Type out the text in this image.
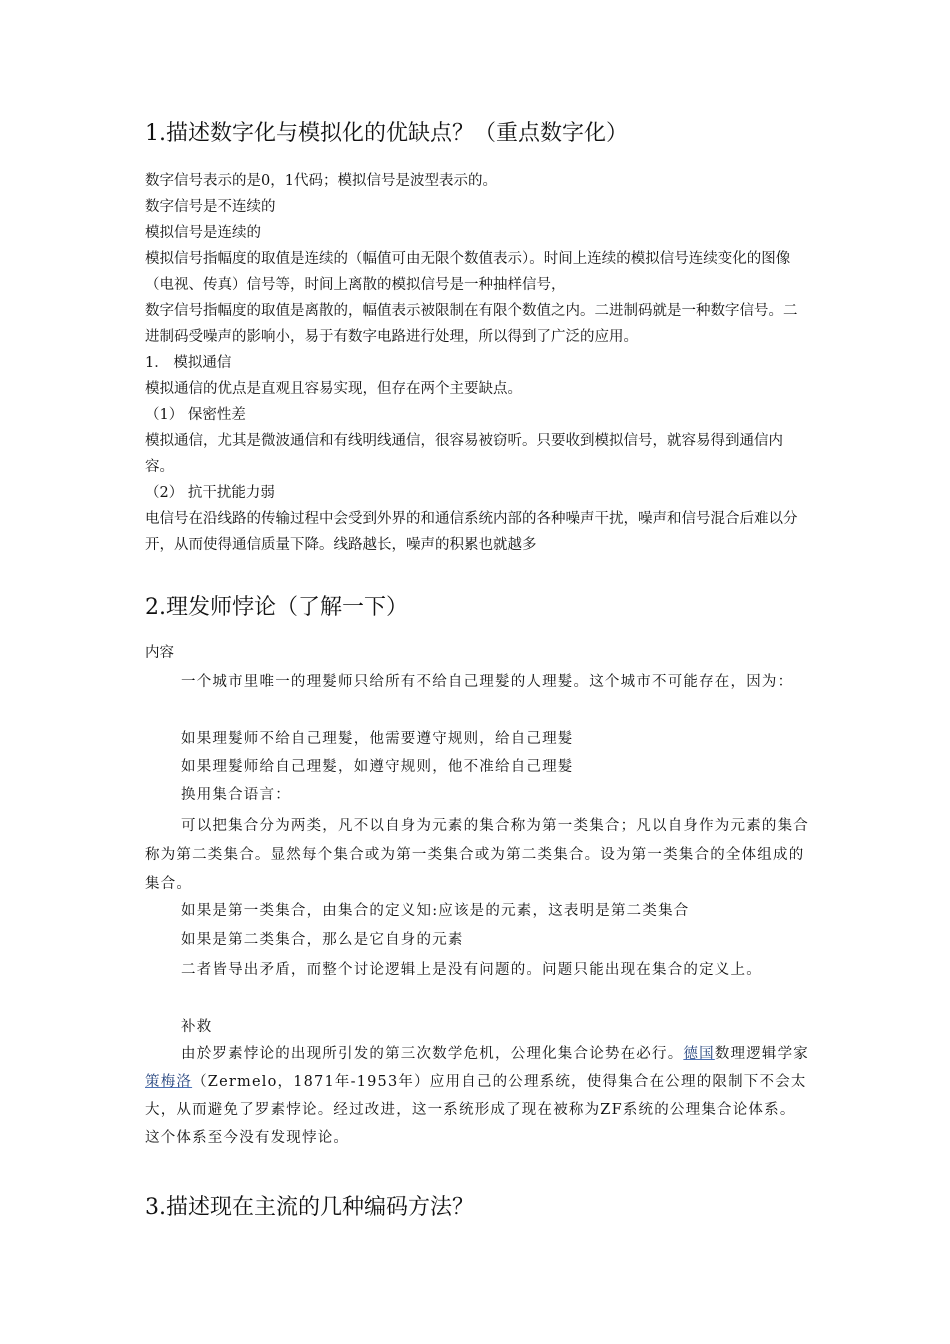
1.描述数字化与模拟化的优缺点？（重点数字化）

数字信号表示的是0，1代码；模拟信号是波型表示的。

数字信号是不连续的

模拟信号是连续的

模拟信号指幅度的取值是连续的（幅值可由无限个数值表示）。时间上连续的模拟信号连续变化的图像（电视、传真）信号等，时间上离散的模拟信号是一种抽样信号，

数字信号指幅度的取值是离散的，幅值表示被限制在有限个数值之内。二进制码就是一种数字信号。二进制码受噪声的影响小，易于有数字电路进行处理，所以得到了广泛的应用。

1． 模拟通信

模拟通信的优点是直观且容易实现，但存在两个主要缺点。

（1） 保密性差

模拟通信，尤其是微波通信和有线明线通信，很容易被窃听。只要收到模拟信号，就容易得到通信内容。

（2） 抗干扰能力弱

电信号在沿线路的传输过程中会受到外界的和通信系统内部的各种噪声干扰，噪声和信号混合后难以分开，从而使得通信质量下降。线路越长，噪声的积累也就越多

2.理发师悖论（了解一下）

内容

一个城市里唯一的理髮师只给所有不给自己理髮的人理髮。这个城市不可能存在，因为：

如果理髮师不给自己理髮，他需要遵守规则，给自己理髮

如果理髮师给自己理髮，如遵守规则，他不准给自己理髮

换用集合语言：

可以把集合分为两类，凡不以自身为元素的集合称为第一类集合；凡以自身作为元素的集合称为第二类集合。显然每个集合或为第一类集合或为第二类集合。设为第一类集合的全体组成的集合。

如果是第一类集合，由集合的定义知:应该是的元素，这表明是第二类集合

如果是第二类集合，那么是它自身的元素

二者皆导出矛盾，而整个讨论逻辑上是没有问题的。问题只能出现在集合的定义上。

补救

由於罗素悖论的出现所引发的第三次数学危机，公理化集合论势在必行。德国数理逻辑学家策梅洛（Zermelo，1871年-1953年）应用自己的公理系统，使得集合在公理的限制下不会太大，从而避免了罗素悖论。经过改进，这一系统形成了现在被称为ZF系统的公理集合论体系。这个体系至今没有发现悖论。

3.描述现在主流的几种编码方法？
